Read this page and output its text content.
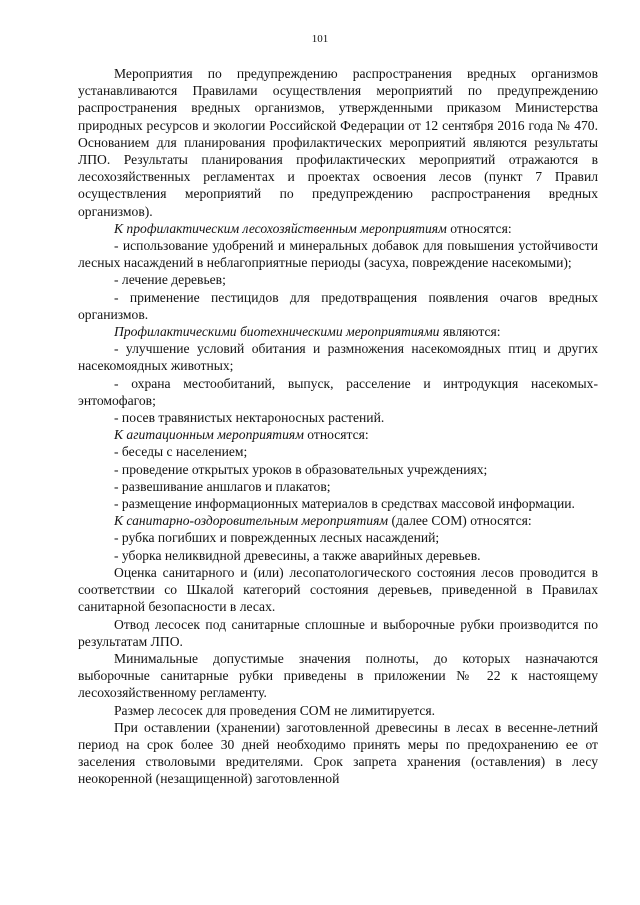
101

Мероприятия по предупреждению распространения вредных организмов устанавливаются Правилами осуществления мероприятий по предупреждению распространения вредных организмов, утвержденными приказом Министерства природных ресурсов и экологии Российской Федерации от 12 сентября 2016 года № 470. Основанием для планирования профилактических мероприятий являются результаты ЛПО. Результаты планирования профилактических мероприятий отражаются в лесохозяйственных регламентах и проектах освоения лесов (пункт 7 Правил осуществления мероприятий по предупреждению распространения вредных организмов).

К профилактическим лесохозяйственным мероприятиям относятся:

- использование удобрений и минеральных добавок для повышения устойчивости лесных насаждений в неблагоприятные периоды (засуха, повреждение насекомыми);

- лечение деревьев;

- применение пестицидов для предотвращения появления очагов вредных организмов.

Профилактическими биотехническими мероприятиями являются:

- улучшение условий обитания и размножения насекомоядных птиц и других насекомоядных животных;

- охрана местообитаний, выпуск, расселение и интродукция насекомых-энтомофагов;

- посев травянистых нектароносных растений.

К агитационным мероприятиям относятся:

- беседы с населением;

- проведение открытых уроков в образовательных учреждениях;

- развешивание аншлагов и плакатов;

- размещение информационных материалов в средствах массовой информации.

К санитарно-оздоровительным мероприятиям (далее СОМ) относятся:

- рубка погибших и поврежденных лесных насаждений;

- уборка неликвидной древесины, а также аварийных деревьев.

Оценка санитарного и (или) лесопатологического состояния лесов проводится в соответствии со Шкалой категорий состояния деревьев, приведенной в Правилах санитарной безопасности в лесах.

Отвод лесосек под санитарные сплошные и выборочные рубки производится по результатам ЛПО.

Минимальные допустимые значения полноты, до которых назначаются выборочные санитарные рубки приведены в приложении № 22 к настоящему лесохозяйственному регламенту.

Размер лесосек для проведения СОМ не лимитируется.

При оставлении (хранении) заготовленной древесины в лесах в весенне-летний период на срок более 30 дней необходимо принять меры по предохранению ее от заселения стволовыми вредителями. Срок запрета хранения (оставления) в лесу неокоренной (незащищенной) заготовленной
